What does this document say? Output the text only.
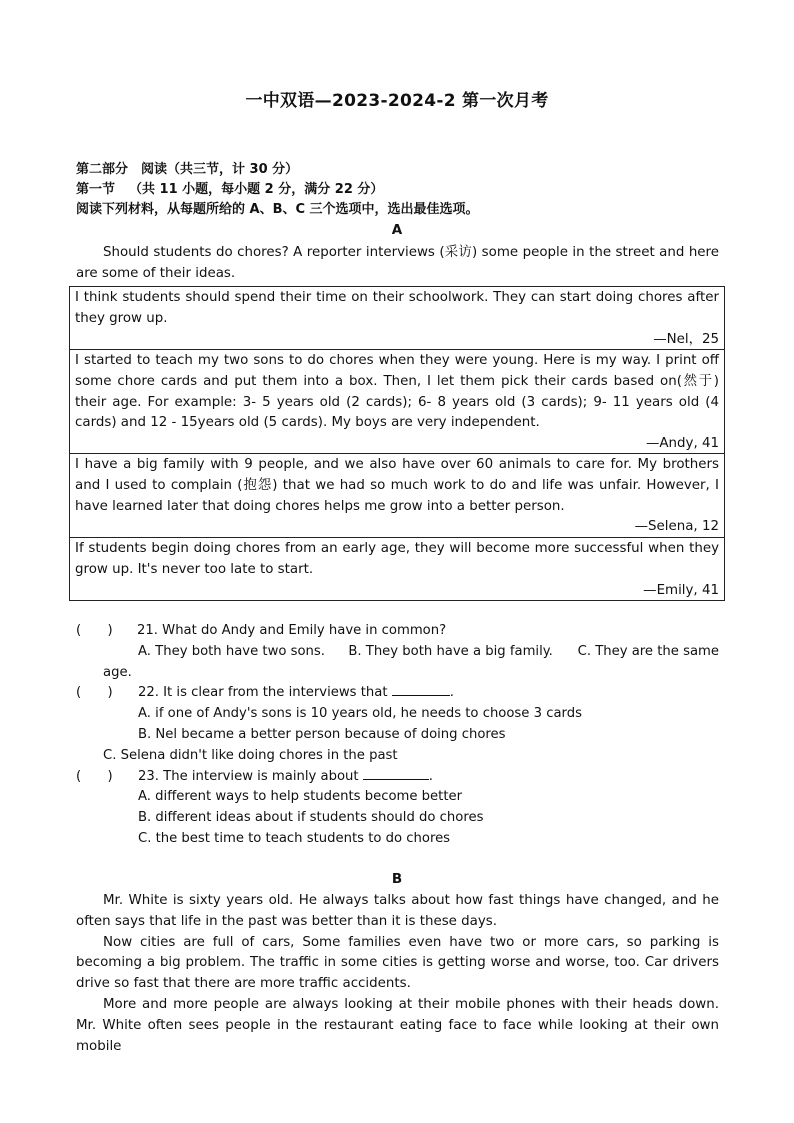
一中双语—2023-2024-2 第一次月考
第二部分　阅读（共三节，计 30 分）
第一节 （共 11 小题，每小题 2 分，满分 22 分）
阅读下列材料，从每题所给的 A、B、C 三个选项中，选出最佳选项。
A

Should students do chores? A reporter interviews (采访) some people in the street and here are some of their ideas.

I think students should spend their time on their schoolwork. They can start doing chores after they grow up.
—Nel，25
I started to teach my two sons to do chores when they were young. Here is my way. I print off some chore cards and put them into a box. Then, I let them pick their cards based on(然于) their age. For example: 3- 5 years old (2 cards); 6- 8 years old (3 cards); 9- 11 years old (4 cards) and 12 - 15years old (5 cards). My boys are very independent.
—Andy, 41
I have a big family with 9 people, and we also have over 60 animals to care for. My brothers and I used to complain (抱怨) that we had so much work to do and life was unfair. However, I have learned later that doing chores helps me grow into a better person.
—Selena, 12
If students begin doing chores from an early age, they will become more successful when they grow up. It's never too late to start.
—Emily, 41
(　　) 21. What do Andy and Emily have in common?
A. They both have two sons.	B. They both have a big family.	C. They are the same
age.
(　　) 22. It is clear from the interviews that	.
A. if one of Andy's sons is 10 years old, he needs to choose 3 cards
B. Nel became a better person because of doing chores
C. Selena didn't like doing chores in the past
(　　) 23. The interview is mainly about	.
A. different ways to help students become better
B. different ideas about if students should do chores
C. the best time to teach students to do chores
B

Mr. White is sixty years old. He always talks about how fast things have changed, and he often says that life in the past was better than it is these days.

Now cities are full of cars, Some families even have two or more cars, so parking is becoming a big problem. The traffic in some cities is getting worse and worse, too. Car drivers drive so fast that there are more traffic accidents.

More and more people are always looking at their mobile phones with their heads down. Mr. White often sees people in the restaurant eating face to face while looking at their own mobile
